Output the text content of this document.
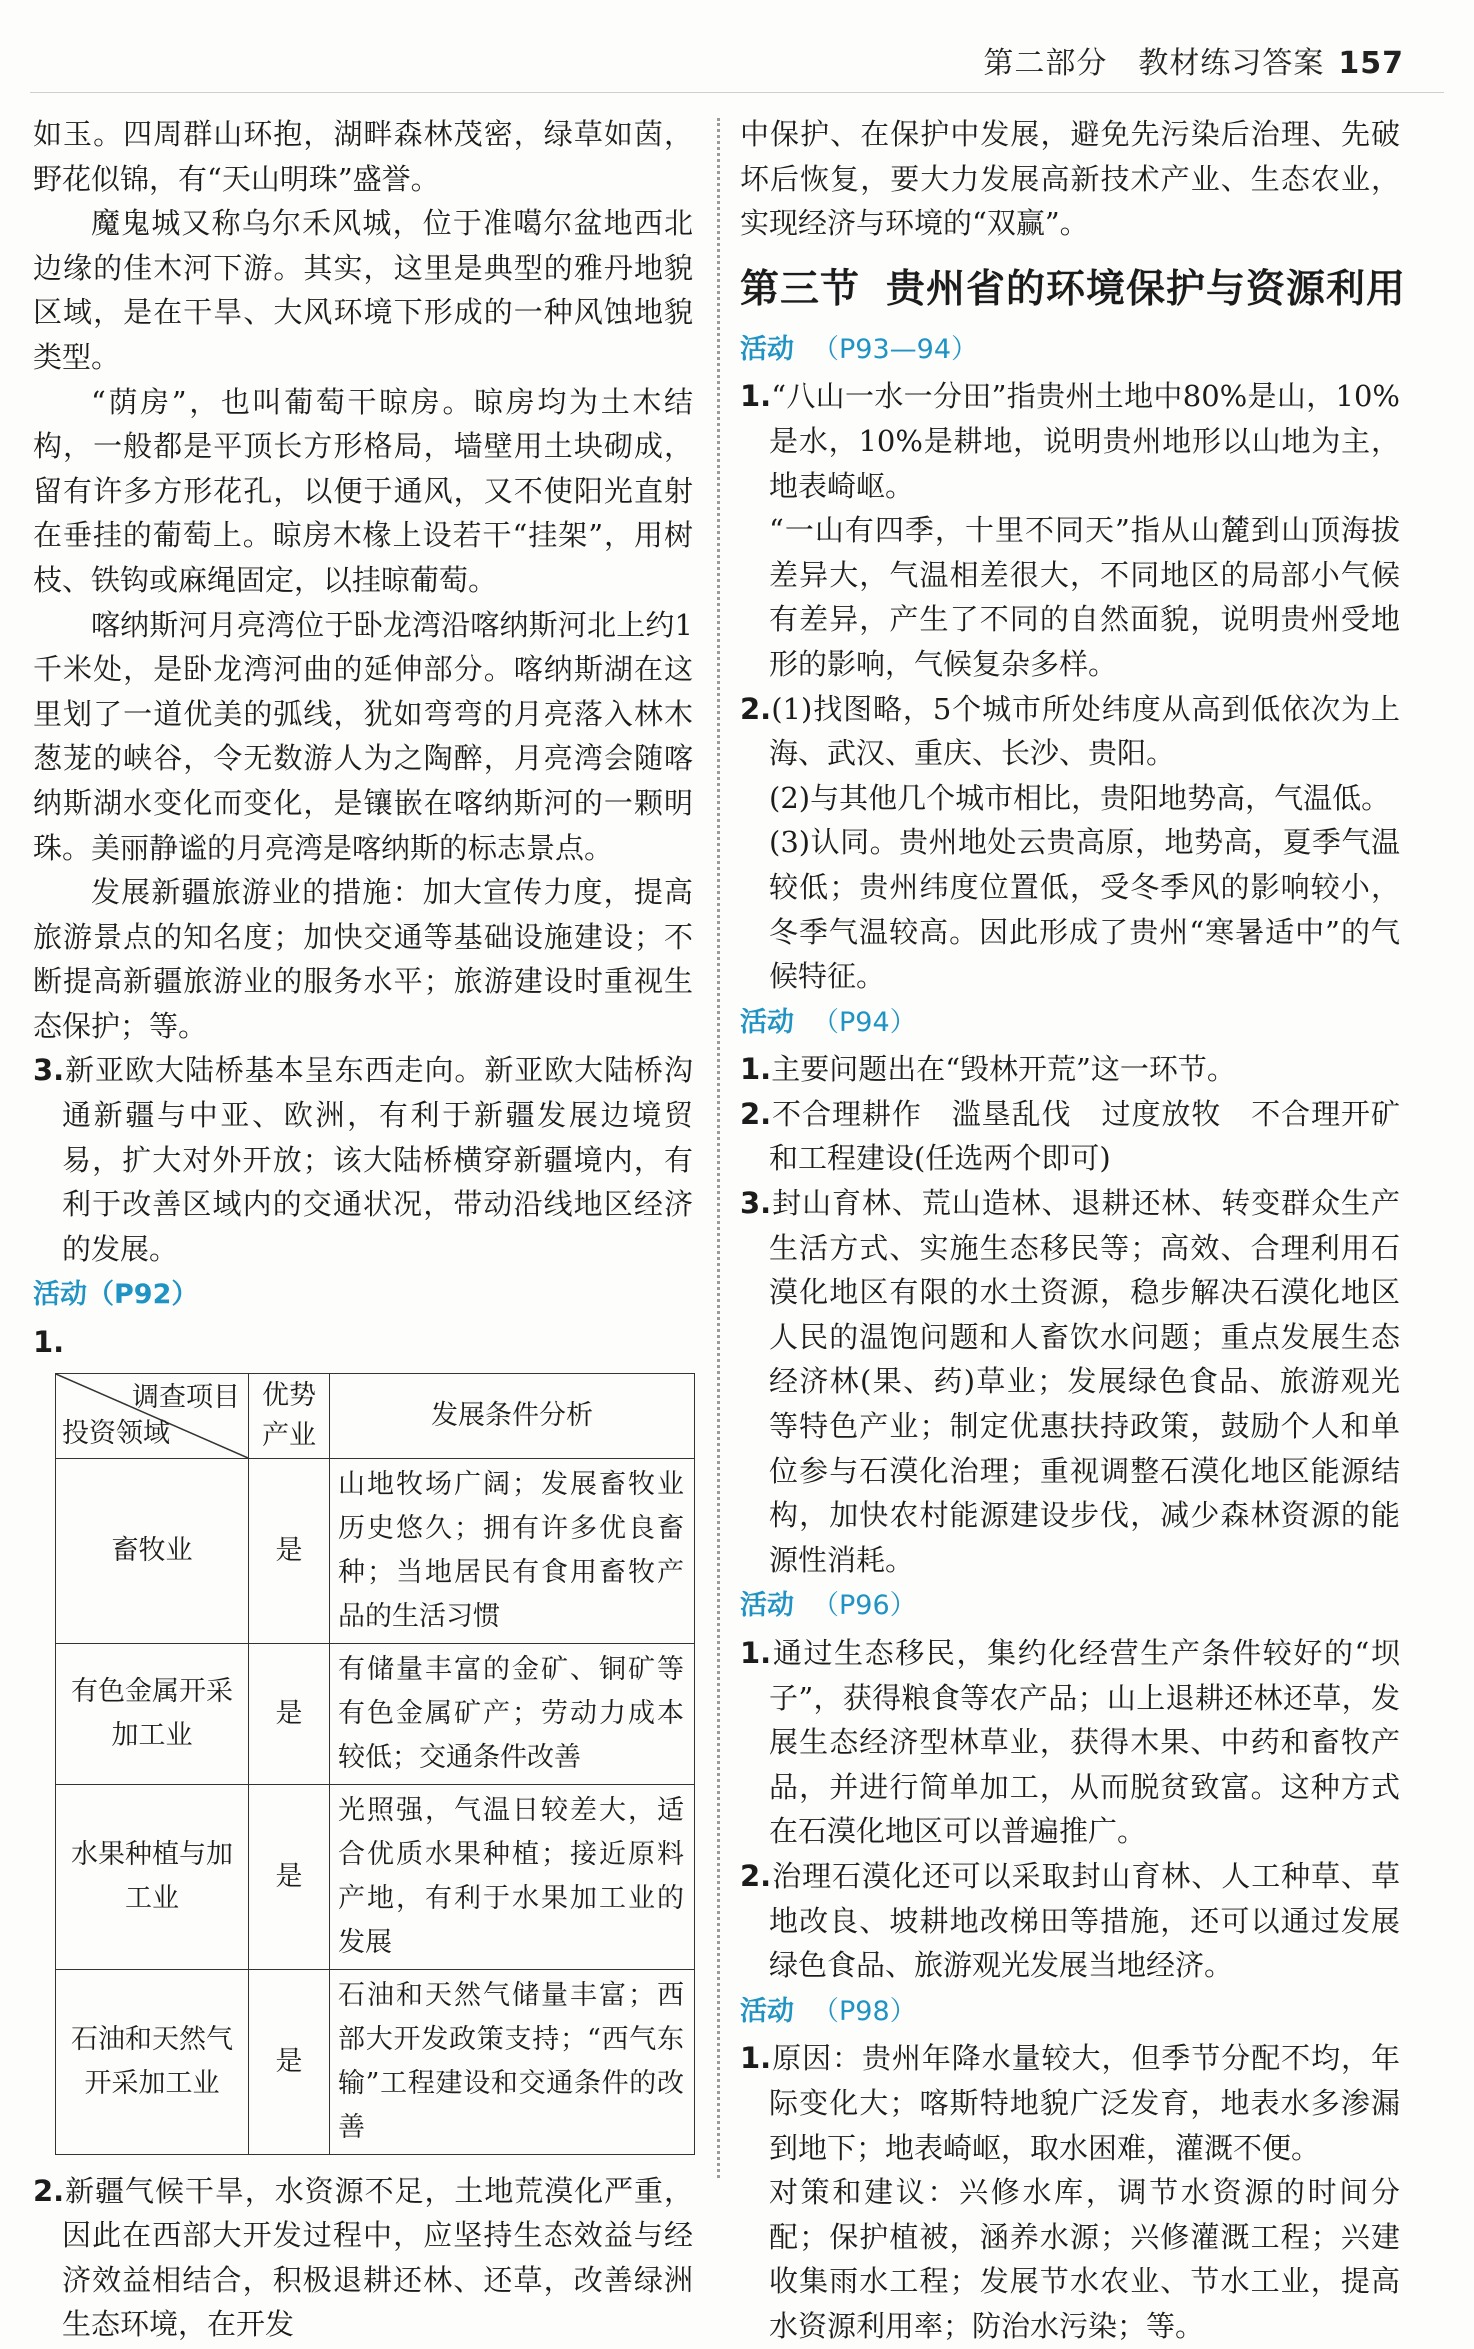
第二部分　教材练习答案 157

如玉。四周群山环抱，湖畔森林茂密，绿草如茵，野花似锦，有“天山明珠”盛誉。

魔鬼城又称乌尔禾风城，位于准噶尔盆地西北边缘的佳木河下游。其实，这里是典型的雅丹地貌区域，是在干旱、大风环境下形成的一种风蚀地貌类型。

“荫房”，也叫葡萄干晾房。晾房均为土木结构，一般都是平顶长方形格局，墙壁用土块砌成，留有许多方形花孔，以便于通风，又不使阳光直射在垂挂的葡萄上。晾房木椽上设若干“挂架”，用树枝、铁钩或麻绳固定，以挂晾葡萄。

喀纳斯河月亮湾位于卧龙湾沿喀纳斯河北上约1千米处，是卧龙湾河曲的延伸部分。喀纳斯湖在这里划了一道优美的弧线，犹如弯弯的月亮落入林木葱茏的峡谷，令无数游人为之陶醉，月亮湾会随喀纳斯湖水变化而变化，是镶嵌在喀纳斯河的一颗明珠。美丽静谧的月亮湾是喀纳斯的标志景点。

发展新疆旅游业的措施：加大宣传力度，提高旅游景点的知名度；加快交通等基础设施建设；不断提高新疆旅游业的服务水平；旅游建设时重视生态保护；等。

3.新亚欧大陆桥基本呈东西走向。新亚欧大陆桥沟通新疆与中亚、欧洲，有利于新疆发展边境贸易，扩大对外开放；该大陆桥横穿新疆境内，有利于改善区域内的交通状况，带动沿线地区经济的发展。

活动（P92）
1.
调查项目
投资领域	优势产业	发展条件分析
畜牧业	是	山地牧场广阔；发展畜牧业历史悠久；拥有许多优良畜种；当地居民有食用畜牧产品的生活习惯
有色金属开采加工业	是	有储量丰富的金矿、铜矿等有色金属矿产；劳动力成本较低；交通条件改善
水果种植与加工业	是	光照强，气温日较差大，适合优质水果种植；接近原料产地，有利于水果加工业的发展
石油和天然气开采加工业	是	石油和天然气储量丰富；西部大开发政策支持；“西气东输”工程建设和交通条件的改善

2.新疆气候干旱，水资源不足，土地荒漠化严重，因此在西部大开发过程中，应坚持生态效益与经济效益相结合，积极退耕还林、还草，改善绿洲生态环境，在开发

中保护、在保护中发展，避免先污染后治理、先破坏后恢复，要大力发展高新技术产业、生态农业，实现经济与环境的“双赢”。

第三节 贵州省的环境保护与资源利用
活动 （P93—94）

1.“八山一水一分田”指贵州土地中80%是山，10%是水，10%是耕地，说明贵州地形以山地为主，地表崎岖。

“一山有四季，十里不同天”指从山麓到山顶海拔差异大，气温相差很大，不同地区的局部小气候有差异，产生了不同的自然面貌，说明贵州受地形的影响，气候复杂多样。

2.(1)找图略，5个城市所处纬度从高到低依次为上海、武汉、重庆、长沙、贵阳。

(2)与其他几个城市相比，贵阳地势高，气温低。

(3)认同。贵州地处云贵高原，地势高，夏季气温较低；贵州纬度位置低，受冬季风的影响较小，冬季气温较高。因此形成了贵州“寒暑适中”的气候特征。

活动 （P94）

1.主要问题出在“毁林开荒”这一环节。

2.不合理耕作　滥垦乱伐　过度放牧　不合理开矿和工程建设(任选两个即可)

3.封山育林、荒山造林、退耕还林、转变群众生产生活方式、实施生态移民等；高效、合理利用石漠化地区有限的水土资源，稳步解决石漠化地区人民的温饱问题和人畜饮水问题；重点发展生态经济林(果、药)草业；发展绿色食品、旅游观光等特色产业；制定优惠扶持政策，鼓励个人和单位参与石漠化治理；重视调整石漠化地区能源结构，加快农村能源建设步伐，减少森林资源的能源性消耗。

活动 （P96）

1.通过生态移民，集约化经营生产条件较好的“坝子”，获得粮食等农产品；山上退耕还林还草，发展生态经济型林草业，获得木果、中药和畜牧产品，并进行简单加工，从而脱贫致富。这种方式在石漠化地区可以普遍推广。

2.治理石漠化还可以采取封山育林、人工种草、草地改良、坡耕地改梯田等措施，还可以通过发展绿色食品、旅游观光发展当地经济。

活动 （P98）

1.原因：贵州年降水量较大，但季节分配不均，年际变化大；喀斯特地貌广泛发育，地表水多渗漏到地下；地表崎岖，取水困难，灌溉不便。

对策和建议：兴修水库，调节水资源的时间分配；保护植被，涵养水源；兴修灌溉工程；兴建收集雨水工程；发展节水农业、节水工业，提高水资源利用率；防治水污染；等。
